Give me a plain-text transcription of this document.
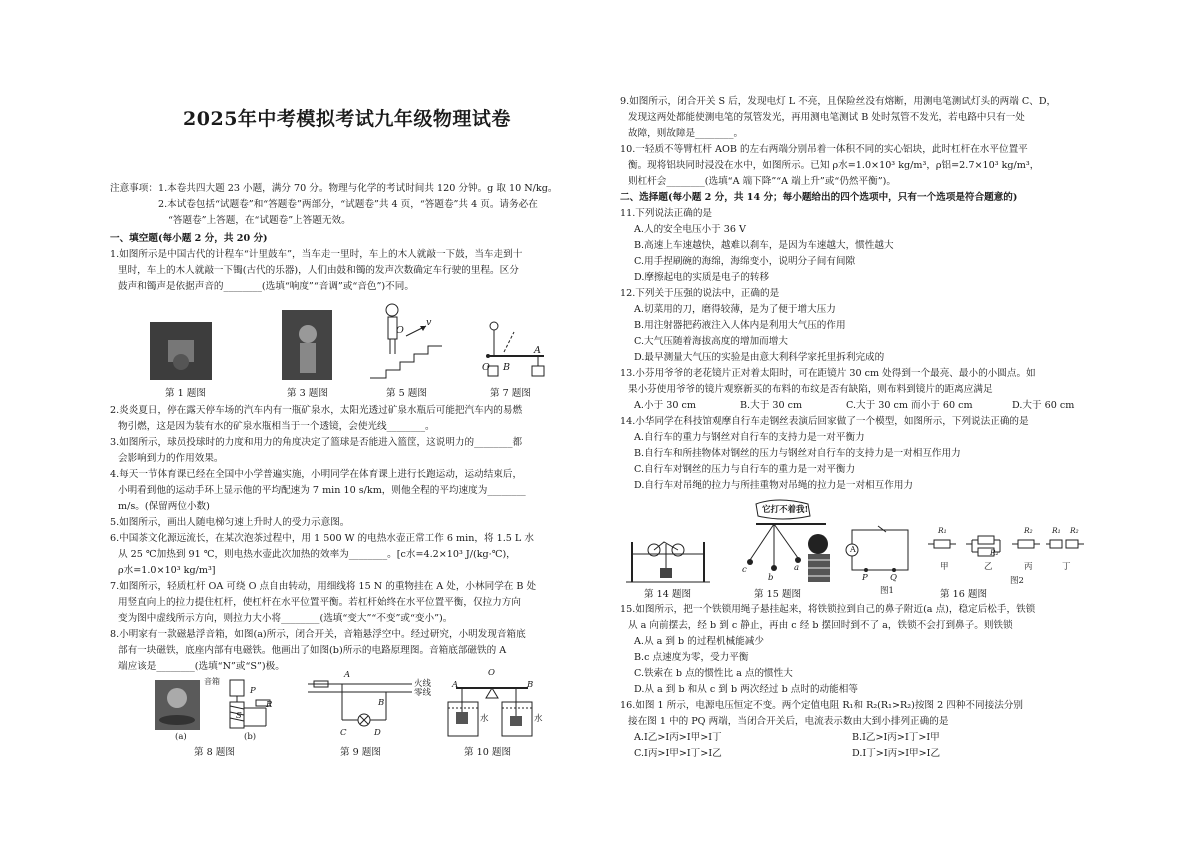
2025年中考模拟考试九年级物理试卷
注意事项：1.本卷共四大题 23 小题，满分 70 分。物理与化学的考试时间共 120 分钟。g 取 10 N/kg。
2.本试卷包括“试题卷”和“答题卷”两部分，“试题卷”共 4 页，“答题卷”共 4 页。请务必在
“答题卷”上答题，在“试题卷”上答题无效。
一、填空题(每小题 2 分，共 20 分)
1.如图所示是中国古代的计程车“计里鼓车”，当车走一里时，车上的木人就敲一下鼓，当车走到十
里时，车上的木人就敲一下镯(古代的乐器)，人们由鼓和镯的发声次数确定车行驶的里程。区分
鼓声和镯声是依据声音的________(选填“响度”“音调”或“音色”)不同。
O
v
A
O B
第 1 题图	第 3 题图	第 5 题图	第 7 题图
2.炎炎夏日，停在露天停车场的汽车内有一瓶矿泉水，太阳光透过矿泉水瓶后可能把汽车内的易燃
物引燃，这是因为装有水的矿泉水瓶相当于一个透镜，会使光线________。
3.如图所示，球员投球时的力度和用力的角度决定了篮球是否能进入篮筐，这说明力的________都
会影响到力的作用效果。
4.每天一节体育课已经在全国中小学普遍实施，小明同学在体育课上进行长跑运动，运动结束后，
小明看到他的运动手环上显示他的平均配速为 7 min 10 s/km，则他全程的平均速度为________
m/s。(保留两位小数)
5.如图所示，画出人随电梯匀速上升时人的受力示意图。
6.中国茶文化源远流长，在某次泡茶过程中，用 1 500 W 的电热水壶正常工作 6 min，将 1.5 L 水
从 25 ℃加热到 91 ℃，则电热水壶此次加热的效率为________。[c水=4.2×10³ J/(kg·℃)，
ρ水=1.0×10³ kg/m³]
7.如图所示，轻质杠杆 OA 可绕 O 点自由转动，用细线将 15 N 的重物挂在 A 处，小林同学在 B 处
用竖直向上的拉力提住杠杆，使杠杆在水平位置平衡。若杠杆始终在水平位置平衡，仅拉力方向
变为图中虚线所示方向，则拉力大小将________(选填“变大”“不变”或“变小”)。
8.小明家有一款磁悬浮音箱，如图(a)所示，闭合开关，音箱悬浮空中。经过研究，小明发现音箱底
部有一块磁铁，底座内部有电磁铁。他画出了如图(b)所示的电路原理图。音箱底部磁铁的 A
端应该是________(选填“N”或“S”)极。
音箱
P
S
R
(a)	(b)
火线
零线
A
B
C	D
A
O
B
水	水
第 8 题图	第 9 题图	第 10 题图
9.如图所示，闭合开关 S 后，发现电灯 L 不亮，且保险丝没有熔断，用测电笔测试灯头的两端 C、D，
发现这两处都能使测电笔的氖管发光，再用测电笔测试 B 处时氖管不发光，若电路中只有一处
故障，则故障是________。
10.一轻质不等臂杠杆 AOB 的左右两端分别吊着一体积不同的实心铝块，此时杠杆在水平位置平
衡。现将铝块同时浸没在水中，如图所示。已知 ρ水=1.0×10³ kg/m³，ρ铝=2.7×10³ kg/m³，
则杠杆会________(选填“A 端下降”“A 端上升”或“仍然平衡”)。
二、选择题(每小题 2 分，共 14 分；每小题给出的四个选项中，只有一个选项是符合题意的)
11.下列说法正确的是
A.人的安全电压小于 36 V
B.高速上车速越快，越难以刹车，是因为车速越大，惯性越大
C.用手捏刷碗的海绵，海绵变小，说明分子间有间隙
D.摩擦起电的实质是电子的转移
12.下列关于压强的说法中，正确的是
A.切菜用的刀，磨得较薄，是为了便于增大压力
B.用注射器把药液注入人体内是利用大气压的作用
C.大气压随着海拔高度的增加而增大
D.最早测量大气压的实验是由意大利科学家托里拆利完成的
13.小芬用爷爷的老花镜片正对着太阳时，可在距镜片 30 cm 处得到一个最亮、最小的小圆点。如
果小芬使用爷爷的镜片观察新买的布料的布纹是否有缺陷，则布料到镜片的距离应满足
A.小于 30 cm	B.大于 30 cm	C.大于 30 cm 而小于 60 cm	D.大于 60 cm
14.小华同学在科技馆观摩自行车走钢丝表演后回家做了一个模型，如图所示，下列说法正确的是
A.自行车的重力与钢丝对自行车的支持力是一对平衡力
B.自行车和所挂物体对钢丝的压力与钢丝对自行车的支持力是一对相互作用力
C.自行车对钢丝的压力与自行车的重力是一对平衡力
D.自行车对吊绳的拉力与所挂重物对吊绳的拉力是一对相互作用力
它打不着我!
c
b
a
A
P	Q
图1
R₁
R₂
R₂	R₁ R₂
甲	乙	丙	丁
图2
第 14 题图	第 15 题图	第 16 题图
15.如图所示，把一个铁锁用绳子悬挂起来，将铁锁拉到自己的鼻子附近(a 点)，稳定后松手，铁锁
从 a 向前摆去，经 b 到 c 静止，再由 c 经 b 摆回时到不了 a，铁锁不会打到鼻子。则铁锁
A.从 a 到 b 的过程机械能减少
B.c 点速度为零，受力平衡
C.铁索在 b 点的惯性比 a 点的惯性大
D.从 a 到 b 和从 c 到 b 两次经过 b 点时的动能相等
16.如图 1 所示，电源电压恒定不变。两个定值电阻 R₁和 R₂(R₁>R₂)按图 2 四种不同接法分别
接在图 1 中的 PQ 两端，当闭合开关后，电流表示数由大到小排列正确的是
A.I乙>I丙>I甲>I丁	B.I乙>I丙>I丁>I甲
C.I丙>I甲>I丁>I乙	D.I丁>I丙>I甲>I乙
